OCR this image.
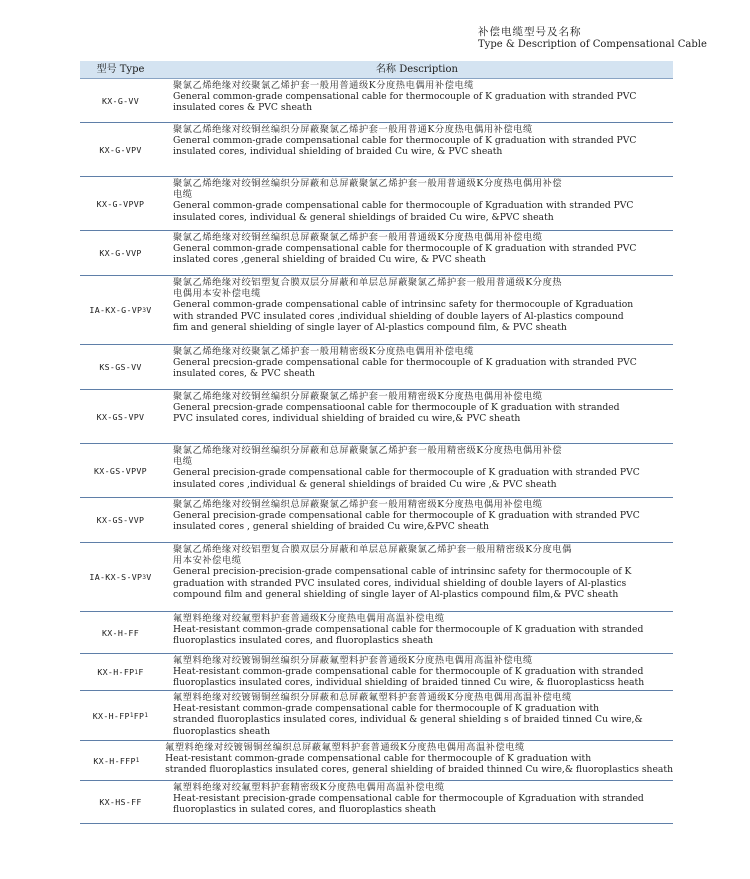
补偿电缆型号及名称
Type & Description of Compensational Cable
型号 Type	名称 Description
KX-G-VV
聚氯乙烯绝缘对绞聚氯乙烯护套一般用普通级K分度热电偶用补偿电缆
General common-grade compensational cable for thermocouple of K graduation with stranded PVC
insulated cores & PVC sheath
KX-G-VPV
聚氯乙烯绝缘对绞铜丝编织分屏蔽聚氯乙烯护套一般用普通K分度热电偶用补偿电缆
General common-grade compensational cable for thermocouple of K graduation with stranded PVC
insulated cores, individual shielding of braided Cu wire, & PVC sheath
KX-G-VPVP
聚氯乙烯绝缘对绞铜丝编织分屏蔽和总屏蔽聚氯乙烯护套一般用普通级K分度热电偶用补偿
电缆
General common-grade compensational cable for thermocouple of Kgraduation with stranded PVC
insulated cores, individual & general shieldings of braided Cu wire, &PVC sheath
KX-G-VVP
聚氯乙烯绝缘对绞铜丝编织总屏蔽聚氯乙烯护套一般用普通级K分度热电偶用补偿电缆
General common-grade compensational cable for thermocouple of K graduation with stranded PVC
inslated cores ,general shielding of braided Cu wire, & PVC sheath
IA-KX-G-VP 3 V
聚氯乙烯绝缘对绞铝塑复合膜双层分屏蔽和单层总屏蔽聚氯乙烯护套一般用普通级K分度热
电偶用本安补偿电缆
General common-grade compensational cable of intrinsinc safety for thermocouple of Kgraduation
with stranded PVC insulated cores ,individual shielding of double layers of Al-plastics compound
fim and general shielding of single layer of Al-plastics compound film, & PVC sheath
KS-GS-VV
聚氯乙烯绝缘对绞聚氯乙烯护套一般用精密级K分度热电偶用补偿电缆
General precsion-grade compensational cable for thermocouple of K graduation with stranded PVC
insulated cores, & PVC sheath
KX-GS-VPV
聚氯乙烯绝缘对绞铜丝编织分屏蔽聚氯乙烯护套一般用精密级K分度热电偶用补偿电缆
General precsion-grade compensatioonal cable for thermocouple of K graduation with stranded
PVC insulated cores, individual shielding of braided cu wire,& PVC sheath
KX-GS-VPVP
聚氯乙烯绝缘对绞铜丝编织分屏蔽和总屏蔽聚氯乙烯护套一般用精密级K分度热电偶用补偿
电缆
General precision-grade compensational cable for thermocouple of K graduation with stranded PVC
insulated cores ,individual & general shieldings of braided Cu wire ,& PVC sheath
KX-GS-VVP
聚氯乙烯绝缘对绞铜丝编织总屏蔽聚氯乙烯护套一般用精密级K分度热电偶用补偿电缆
General precision-grade compensational cable for thermocouple of K graduation with stranded PVC
insulated cores , general shielding of braided Cu wire,&PVC sheath
IA-KX-S-VP 3 V
聚氯乙烯绝缘对绞铝塑复合膜双层分屏蔽和单层总屏蔽聚氯乙烯护套一般用精密级K分度电偶
用本安补偿电缆
General precision-precision-grade compensational cable of intrinsinc safety for thermocouple of K
graduation with stranded PVC insulated cores, individual shielding of double layers of Al-plastics
compound film and general shielding of single layer of Al-plastics compound film,& PVC sheath
KX-H-FF
氟塑料绝缘对绞氟塑料护套普通级K分度热电偶用高温补偿电缆
Heat-resistant common-grade compensational cable for thermocouple of K graduation with stranded
fluoroplastics insulated cores, and fluoroplastics sheath
KX-H-FP 1 F
氟塑料绝缘对绞镀锡铜丝编织分屏蔽氟塑料护套普通级K分度热电偶用高温补偿电缆
Heat-resistant common-grade compensational cable for thermocouple of K graduation with stranded
fluoroplastics insulated cores, individual shielding of braided tinned Cu wire, & fluoroplasticss heath
KX-H-FP 1 FP 1
氟塑料绝缘对绞镀锡铜丝编织分屏蔽和总屏蔽氟塑料护套普通级K分度热电偶用高温补偿电缆
Heat-resistant common-grade compensational cable for thermocouple of K graduation with
stranded fluoroplastics insulated cores, individual & general shielding s of braided tinned Cu wire,&
fluoroplastics sheath
KX-H-FFP 1
氟塑料绝缘对绞镀锡铜丝编织总屏蔽氟塑料护套普通级K分度热电偶用高温补偿电缆
Heat-resistant common-grade compensational cable for thermocouple of K graduation with
stranded fluoroplastics insulated cores, general shielding of braided thinned Cu wire,& fluoroplastics sheath
KX-HS-FF
氟塑料绝缘对绞氟塑料护套精密级K分度热电偶用高温补偿电缆
Heat-resistant precision-grade compensational cable for thermocouple of Kgraduation with stranded
fluoroplastics in sulated cores, and fluoroplastics sheath
